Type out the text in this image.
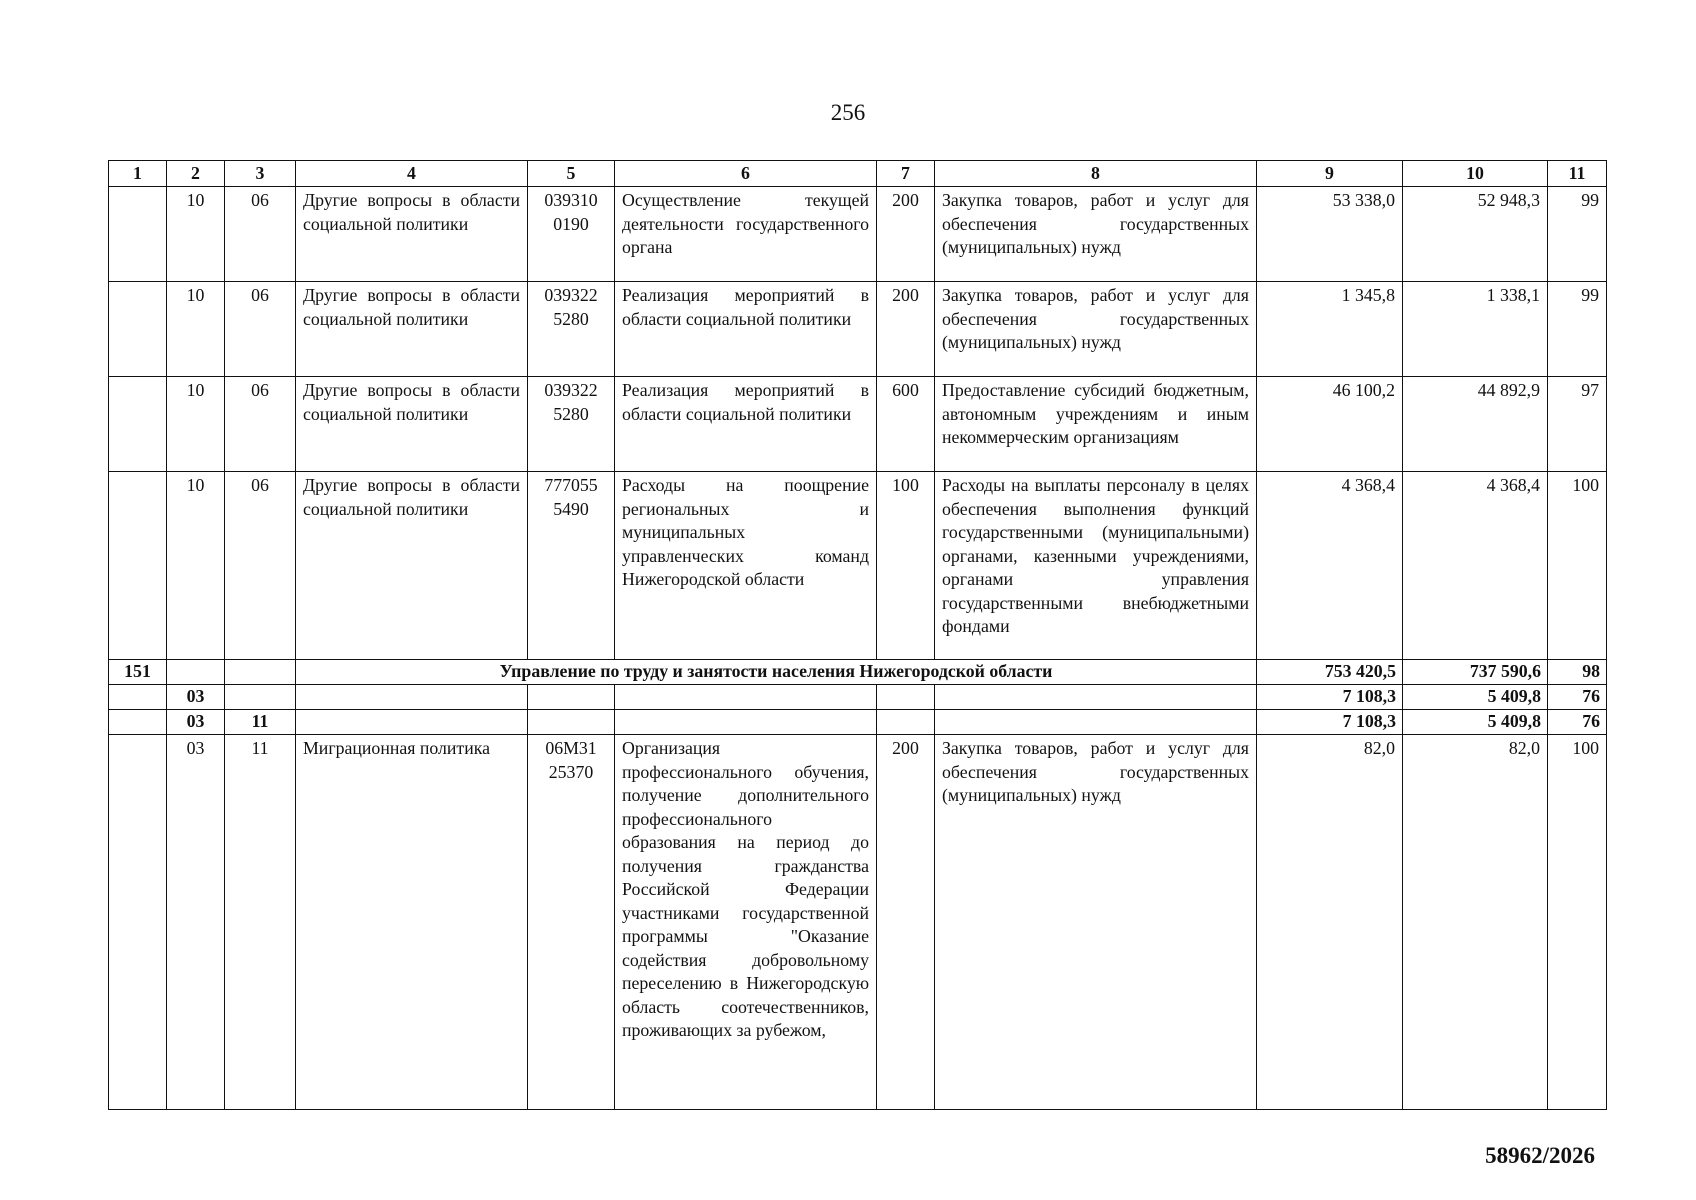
256
1	2	3	4	5	6	7	8	9	10	11
	10	06	Другие вопросы в области социальной политики	039310 0190	Осуществление текущей деятельности государственного органа	200	Закупка товаров, работ и услуг для обеспечения государственных (муниципальных) нужд	53 338,0	52 948,3	99
	10	06	Другие вопросы в области социальной политики	039322 5280	Реализация мероприятий в области социальной политики	200	Закупка товаров, работ и услуг для обеспечения государственных (муниципальных) нужд	1 345,8	1 338,1	99
	10	06	Другие вопросы в области социальной политики	039322 5280	Реализация мероприятий в области социальной политики	600	Предоставление субсидий бюджетным, автономным учреждениям и иным некоммерческим организациям	46 100,2	44 892,9	97
	10	06	Другие вопросы в области социальной политики	777055 5490	Расходы на поощрение региональных и муниципальных управленческих команд Нижегородской области	100	Расходы на выплаты персоналу в целях обеспечения выполнения функций государственными (муниципальными) органами, казенными учреждениями, органами управления государственными внебюджетными фондами	4 368,4	4 368,4	100
151			Управление по труду и занятости населения Нижегородской области					753 420,5	737 590,6	98
	03							7 108,3	5 409,8	76
	03	11						7 108,3	5 409,8	76
	03	11	Миграционная политика	06М31 25370	Организация профессионального обучения, получение дополнительного профессионального образования на период до получения гражданства Российской Федерации участниками государственной программы "Оказание содействия добровольному переселению в Нижегородскую область соотечественников, проживающих за рубежом,	200	Закупка товаров, работ и услуг для обеспечения государственных (муниципальных) нужд	82,0	82,0	100
58962/2026
